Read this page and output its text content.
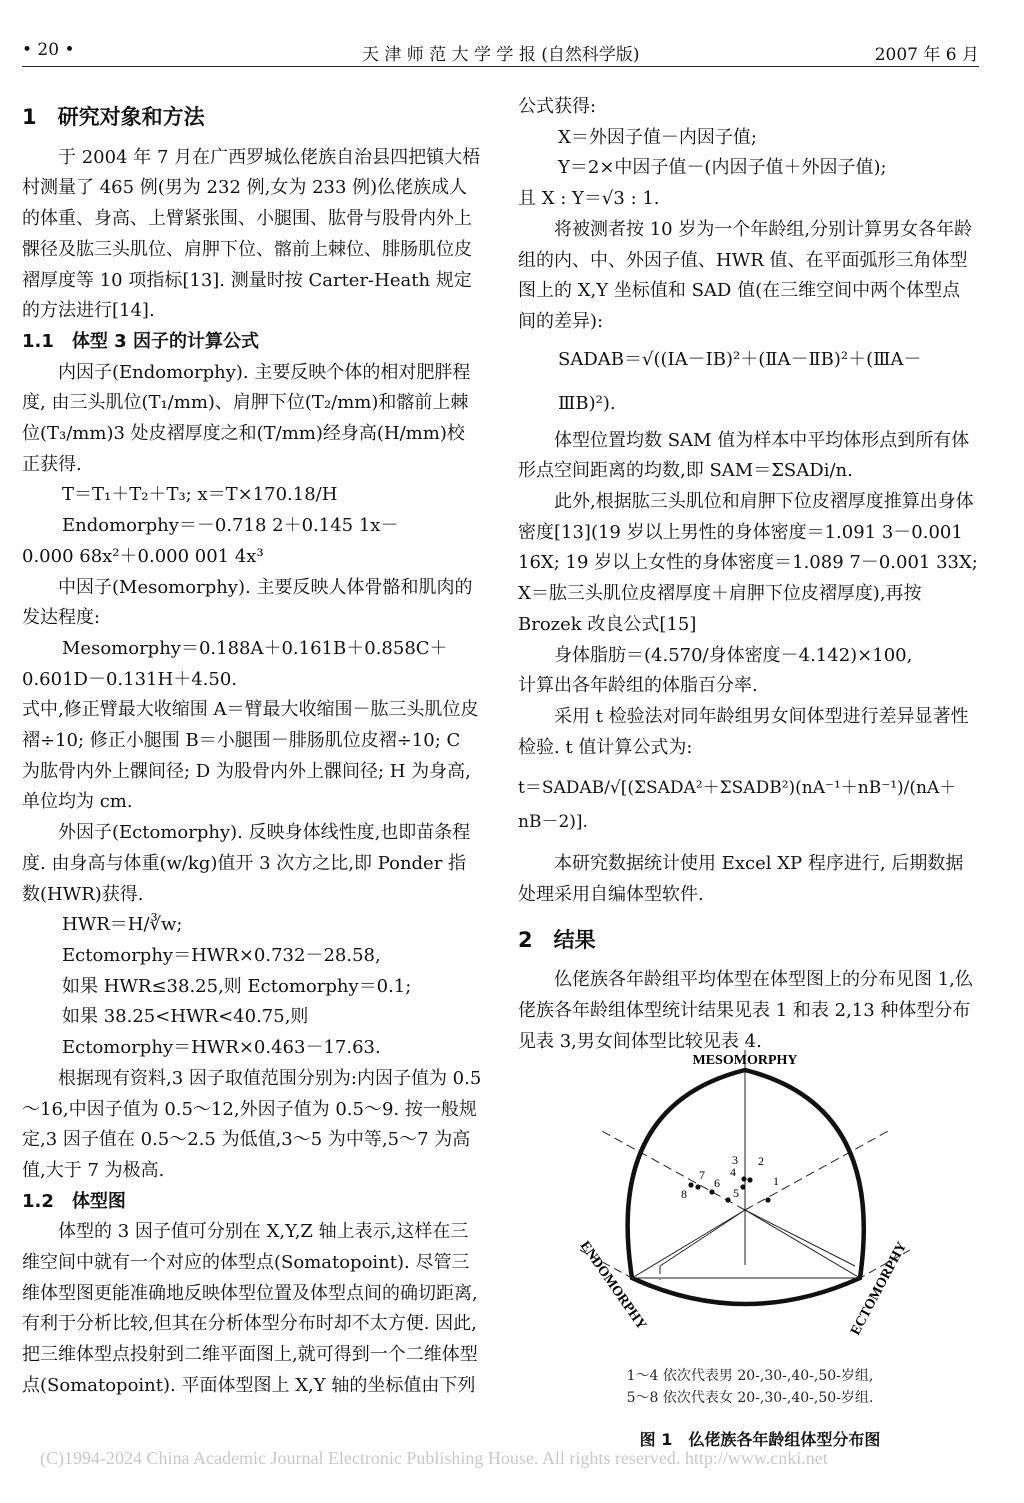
• 20 •	天 津 师 范 大 学 学 报 (自然科学版)	2007 年 6 月

1　研究对象和方法

于 2004 年 7 月在广西罗城仫佬族自治县四把镇大梧村测量了 465 例(男为 232 例,女为 233 例)仫佬族成人的体重、身高、上臂紧张围、小腿围、肱骨与股骨内外上髁径及肱三头肌位、肩胛下位、髂前上棘位、腓肠肌位皮褶厚度等 10 项指标[13]. 测量时按 Carter-Heath 规定的方法进行[14].

1.1　体型 3 因子的计算公式

内因子(Endomorphy). 主要反映个体的相对肥胖程度, 由三头肌位(T₁/mm)、肩胛下位(T₂/mm)和髂前上棘位(T₃/mm)3 处皮褶厚度之和(T/mm)经身高(H/mm)校正获得.

T＝T₁＋T₂＋T₃; x＝T×170.18/H

Endomorphy＝－0.718 2＋0.145 1x－

0.000 68x²＋0.000 001 4x³

中因子(Mesomorphy). 主要反映人体骨骼和肌肉的发达程度:

Mesomorphy＝0.188A＋0.161B＋0.858C＋

0.601D－0.131H＋4.50.

式中,修正臂最大收缩围 A＝臂最大收缩围－肱三头肌位皮褶÷10; 修正小腿围 B＝小腿围－腓肠肌位皮褶÷10; C 为肱骨内外上髁间径; D 为股骨内外上髁间径; H 为身高,单位均为 cm.

外因子(Ectomorphy). 反映身体线性度,也即苗条程度. 由身高与体重(w/kg)值开 3 次方之比,即 Ponder 指数(HWR)获得.

HWR＝H/∛w;

Ectomorphy＝HWR×0.732－28.58,

如果 HWR≤38.25,则 Ectomorphy＝0.1;

如果 38.25<HWR<40.75,则

Ectomorphy＝HWR×0.463－17.63.

根据现有资料,3 因子取值范围分别为:内因子值为 0.5～16,中因子值为 0.5～12,外因子值为 0.5～9. 按一般规定,3 因子值在 0.5～2.5 为低值,3～5 为中等,5～7 为高值,大于 7 为极高.

1.2　体型图

体型的 3 因子值可分别在 X,Y,Z 轴上表示,这样在三维空间中就有一个对应的体型点(Somatopoint). 尽管三维体型图更能准确地反映体型位置及体型点间的确切距离,有利于分析比较,但其在分析体型分布时却不太方便. 因此,把三维体型点投射到二维平面图上,就可得到一个二维体型点(Somatopoint). 平面体型图上 X,Y 轴的坐标值由下列

公式获得:

X＝外因子值－内因子值;

Y＝2×中因子值－(内因子值＋外因子值);

且 X : Y＝√3 : 1.

将被测者按 10 岁为一个年龄组,分别计算男女各年龄组的内、中、外因子值、HWR 值、在平面弧形三角体型图上的 X,Y 坐标值和 SAD 值(在三维空间中两个体型点间的差异):

SADAB＝√((ⅠA－ⅠB)²＋(ⅡA－ⅡB)²＋(ⅢA－ⅢB)²).

体型位置均数 SAM 值为样本中平均体形点到所有体形点空间距离的均数,即 SAM＝ΣSADi/n.

此外,根据肱三头肌位和肩胛下位皮褶厚度推算出身体密度[13](19 岁以上男性的身体密度＝1.091 3－0.001 16X; 19 岁以上女性的身体密度＝1.089 7－0.001 33X; X＝肱三头肌位皮褶厚度＋肩胛下位皮褶厚度),再按 Brozek 改良公式[15]

身体脂肪＝(4.570/身体密度－4.142)×100,

计算出各年龄组的体脂百分率.

采用 t 检验法对同年龄组男女间体型进行差异显著性检验. t 值计算公式为:

t＝SADAB/√[(ΣSADA²＋ΣSADB²)(nA⁻¹＋nB⁻¹)/(nA＋nB－2)].

本研究数据统计使用 Excel XP 程序进行, 后期数据处理采用自编体型软件.

2　结果

仫佬族各年龄组平均体型在体型图上的分布见图 1,仫佬族各年龄组体型统计结果见表 1 和表 2,13 种体型分布见表 3,男女间体型比较见表 4.

MESOMORPHY
ENDOMORPHY	ECTOMORPHY
1
2
3
4
5
6
7
8
1～4 依次代表男 20-,30-,40-,50-岁组,
5～8 依次代表女 20-,30-,40-,50-岁组.
图 1　仫佬族各年龄组体型分布图
(C)1994-2024 China Academic Journal Electronic Publishing House. All rights reserved. http://www.cnki.net
